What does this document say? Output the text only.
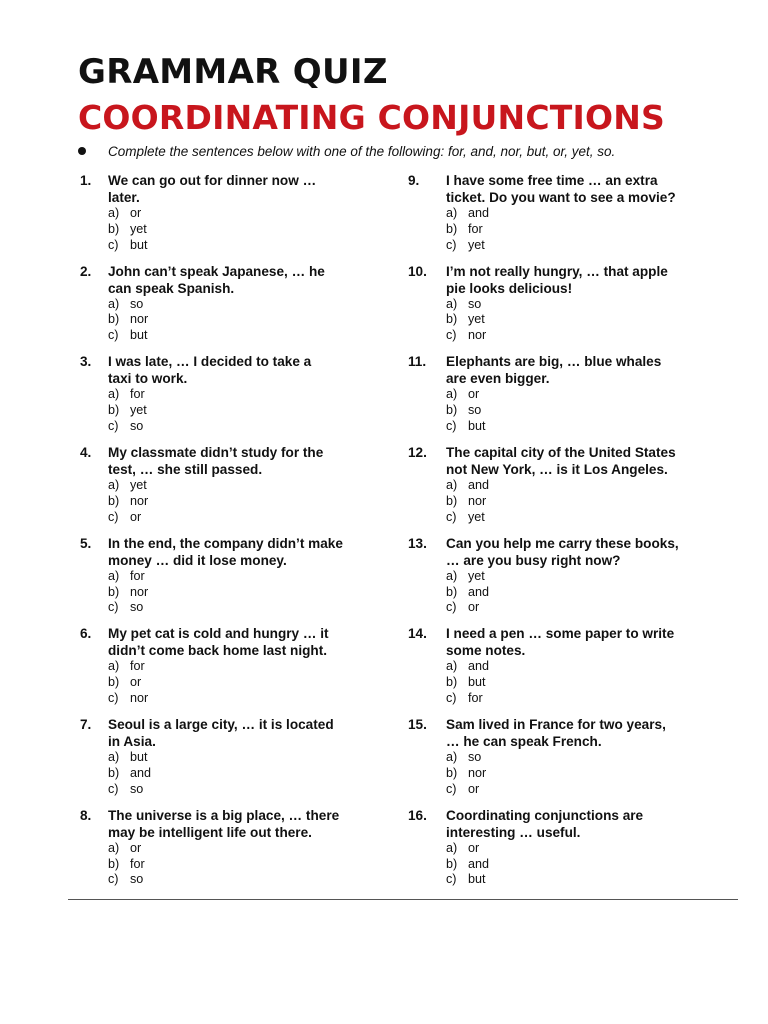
GRAMMAR QUIZ
COORDINATING CONJUNCTIONS
Complete the sentences below with one of the following: for, and, nor, but, or, yet, so.
1. We can go out for dinner now …
later.
a) or
b) yet
c) but
2. John can’t speak Japanese, … he
can speak Spanish.
a) so
b) nor
c) but
3. I was late, … I decided to take a
taxi to work.
a) for
b) yet
c) so
4. My classmate didn’t study for the
test, … she still passed.
a) yet
b) nor
c) or
5. In the end, the company didn’t make
money … did it lose money.
a) for
b) nor
c) so
6. My pet cat is cold and hungry … it
didn’t come back home last night.
a) for
b) or
c) nor
7. Seoul is a large city, … it is located
in Asia.
a) but
b) and
c) so
8. The universe is a big place, … there
may be intelligent life out there.
a) or
b) for
c) so
9. I have some free time … an extra
ticket. Do you want to see a movie?
a) and
b) for
c) yet
10. I’m not really hungry, … that apple
pie looks delicious!
a) so
b) yet
c) nor
11. Elephants are big, … blue whales
are even bigger.
a) or
b) so
c) but
12. The capital city of the United States
not New York, … is it Los Angeles.
a) and
b) nor
c) yet
13. Can you help me carry these books,
… are you busy right now?
a) yet
b) and
c) or
14. I need a pen … some paper to write
some notes.
a) and
b) but
c) for
15. Sam lived in France for two years,
… he can speak French.
a) so
b) nor
c) or
16. Coordinating conjunctions are
interesting … useful.
a) or
b) and
c) but
